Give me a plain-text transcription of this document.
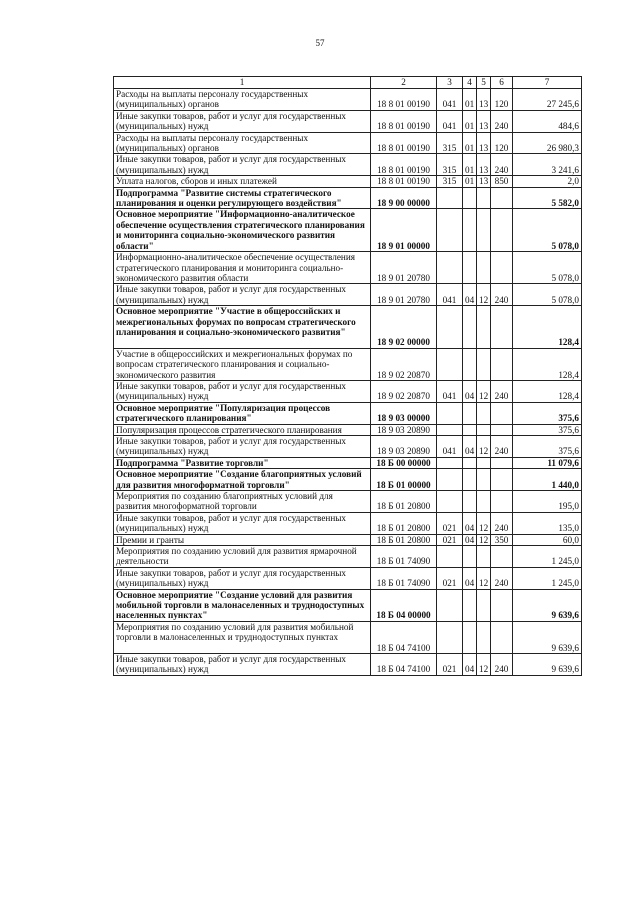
57
1	2	3	4	5	6	7
Расходы на выплаты персоналу государственных (муниципальных) органов	18 8 01 00190	041	01	13	120	27 245,6
Иные закупки товаров, работ и услуг для государственных (муниципальных) нужд	18 8 01 00190	041	01	13	240	484,6
Расходы на выплаты персоналу государственных (муниципальных) органов	18 8 01 00190	315	01	13	120	26 980,3
Иные закупки товаров, работ и услуг для государственных (муниципальных) нужд	18 8 01 00190	315	01	13	240	3 241,6
Уплата налогов, сборов и иных платежей	18 8 01 00190	315	01	13	850	2,0
Подпрограмма "Развитие системы стратегического планирования и оценки регулирующего воздействия"	18 9 00 00000					5 582,0
Основное мероприятие "Информационно-аналитическое обеспечение осуществления стратегического планирования и мониторинга социально-экономического развития области"	18 9 01 00000					5 078,0
Информационно-аналитическое обеспечение осуществления стратегического планирования и мониторинга социально-экономического развития области	18 9 01 20780					5 078,0
Иные закупки товаров, работ и услуг для государственных (муниципальных) нужд	18 9 01 20780	041	04	12	240	5 078,0
Основное мероприятие "Участие в общероссийских и межрегиональных форумах по вопросам стратегического планирования и социально-экономического развития"	18 9 02 00000					128,4
Участие в общероссийских и межрегиональных форумах по вопросам стратегического планирования и социально-экономического развития	18 9 02 20870					128,4
Иные закупки товаров, работ и услуг для государственных (муниципальных) нужд	18 9 02 20870	041	04	12	240	128,4
Основное мероприятие "Популяризация процессов стратегического планирования"	18 9 03 00000					375,6
Популяризация процессов стратегического планирования	18 9 03 20890					375,6
Иные закупки товаров, работ и услуг для государственных (муниципальных) нужд	18 9 03 20890	041	04	12	240	375,6
Подпрограмма "Развитие торговли"	18 Б 00 00000					11 079,6
Основное мероприятие "Создание благоприятных условий для развития многоформатной торговли"	18 Б 01 00000					1 440,0
Мероприятия по созданию благоприятных условий для развития многоформатной торговли	18 Б 01 20800					195,0
Иные закупки товаров, работ и услуг для государственных (муниципальных) нужд	18 Б 01 20800	021	04	12	240	135,0
Премии и гранты	18 Б 01 20800	021	04	12	350	60,0
Мероприятия по созданию условий для развития ярмарочной деятельности	18 Б 01 74090					1 245,0
Иные закупки товаров, работ и услуг для государственных (муниципальных) нужд	18 Б 01 74090	021	04	12	240	1 245,0
Основное мероприятие "Создание условий для развития мобильной торговли в малонаселенных и труднодоступных населенных пунктах"	18 Б 04 00000					9 639,6
Мероприятия по созданию условий для развития мобильной торговли в малонаселенных и труднодоступных пунктах	18 Б 04 74100					9 639,6
Иные закупки товаров, работ и услуг для государственных (муниципальных) нужд	18 Б 04 74100	021	04	12	240	9 639,6
